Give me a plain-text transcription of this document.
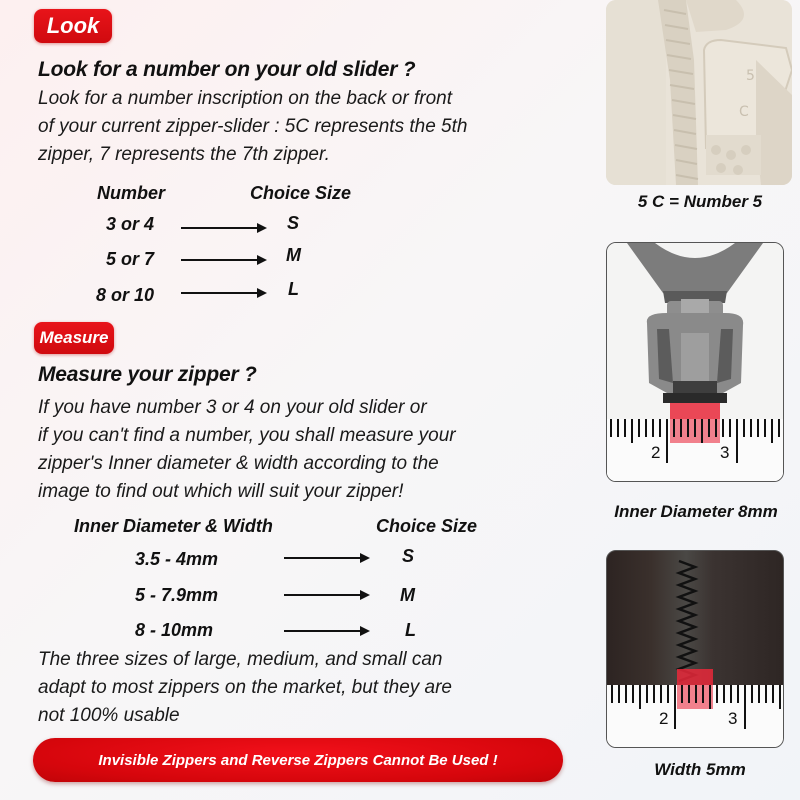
Look
Look for a number on your old slider ?
Look for a number inscription on the back or front
of your current zipper-slider : 5C represents the 5th
zipper, 7 represents the 7th zipper.
Number	Choice Size
3 or 4	S
5 or 7	M
8 or 10	L
Measure
Measure your zipper ?
If you have number 3 or 4 on your old slider or
if you can't find a number, you shall measure your
zipper's Inner diameter & width according to the
image to find out which will suit your zipper!
Inner Diameter & Width	Choice Size
3.5 - 4mm	S
5 - 7.9mm	M
8 - 10mm	L
The three sizes of large, medium, and small can
adapt to most zippers on the market, but they are
not 100% usable
Invisible Zippers and Reverse Zippers Cannot Be Used !
5
C
5 C = Number 5
2	3
Inner Diameter 8mm
2	3
Width 5mm
